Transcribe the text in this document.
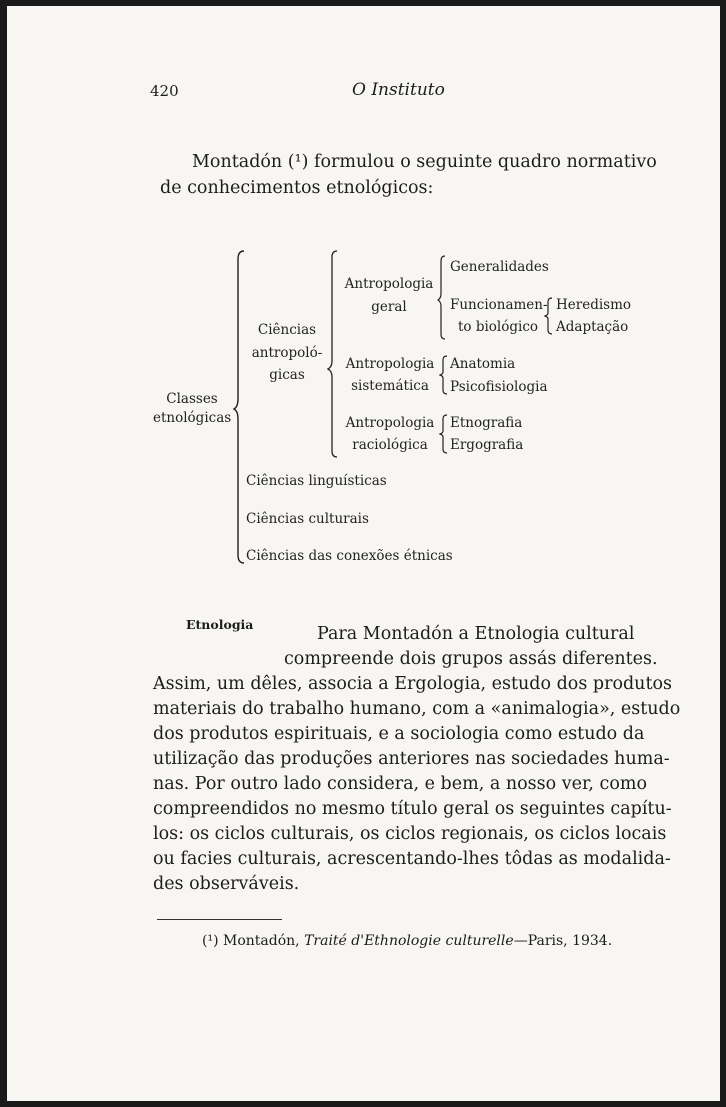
420	O Instituto
Montadón (¹) formulou o seguinte quadro normativo
de conhecimentos etnológicos:
Classes
etnológicas
Ciências
antropoló-
gicas
Antropologia
geral
Generalidades
Funcionamen-
to biológico
Heredismo
Adaptação
Antropologia
sistemática
Anatomia
Psicofisiologia
Antropologia
raciológica
Etnografia
Ergografia
Ciências linguísticas
Ciências culturais
Ciências das conexões étnicas
Etnologia	Para Montadón a Etnologia cultural
compreende dois grupos assás diferentes.
Assim, um dêles, associa a Ergologia, estudo dos produtos
materiais do trabalho humano, com a «animalogia», estudo
dos produtos espirituais, e a sociologia como estudo da
utilização das produções anteriores nas sociedades huma-
nas. Por outro lado considera, e bem, a nosso ver, como
compreendidos no mesmo título geral os seguintes capítu-
los: os ciclos culturais, os ciclos regionais, os ciclos locais
ou facies culturais, acrescentando-lhes tôdas as modalida-
des observáveis.
(¹) Montadón, Traité d'Ethnologie culturelle—Paris, 1934.
